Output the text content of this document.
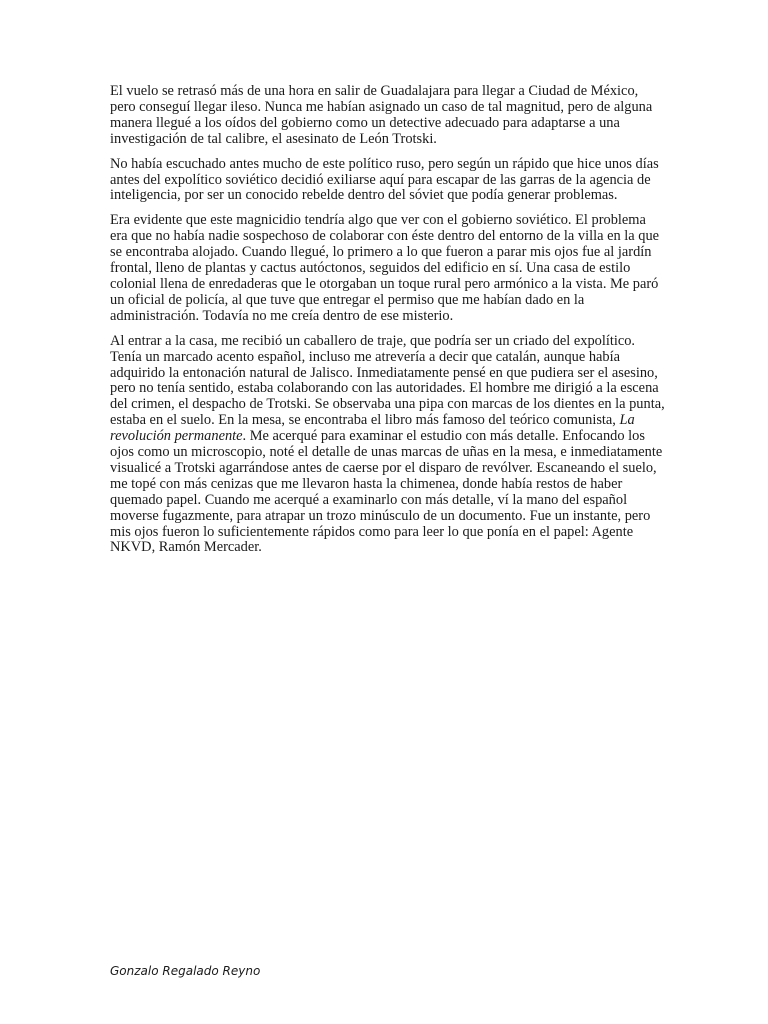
El vuelo se retrasó más de una hora en salir de Guadalajara para llegar a Ciudad de México, pero conseguí llegar ileso. Nunca me habían asignado un caso de tal magnitud, pero de alguna manera llegué a los oídos del gobierno como un detective adecuado para adaptarse a una investigación de tal calibre, el asesinato de León Trotski.

No había escuchado antes mucho de este político ruso, pero según un rápido que hice unos días antes del expolítico soviético decidió exiliarse aquí para escapar de las garras de la agencia de inteligencia, por ser un conocido rebelde dentro del sóviet que podía generar problemas.

Era evidente que este magnicidio tendría algo que ver con el gobierno soviético. El problema era que no había nadie sospechoso de colaborar con éste dentro del entorno de la villa en la que se encontraba alojado. Cuando llegué, lo primero a lo que fueron a parar mis ojos fue al jardín frontal, lleno de plantas y cactus autóctonos, seguidos del edificio en sí. Una casa de estilo colonial llena de enredaderas que le otorgaban un toque rural pero armónico a la vista. Me paró un oficial de policía, al que tuve que entregar el permiso que me habían dado en la administración. Todavía no me creía dentro de ese misterio.

Al entrar a la casa, me recibió un caballero de traje, que podría ser un criado del expolítico. Tenía un marcado acento español, incluso me atrevería a decir que catalán, aunque había adquirido la entonación natural de Jalisco. Inmediatamente pensé en que pudiera ser el asesino, pero no tenía sentido, estaba colaborando con las autoridades. El hombre me dirigió a la escena del crimen, el despacho de Trotski. Se observaba una pipa con marcas de los dientes en la punta, estaba en el suelo. En la mesa, se encontraba el libro más famoso del teórico comunista, La revolución permanente. Me acerqué para examinar el estudio con más detalle. Enfocando los ojos como un microscopio, noté el detalle de unas marcas de uñas en la mesa, e inmediatamente visualicé a Trotski agarrándose antes de caerse por el disparo de revólver. Escaneando el suelo, me topé con más cenizas que me llevaron hasta la chimenea, donde había restos de haber quemado papel. Cuando me acerqué a examinarlo con más detalle, ví la mano del español moverse fugazmente, para atrapar un trozo minúsculo de un documento. Fue un instante, pero mis ojos fueron lo suficientemente rápidos como para leer lo que ponía en el papel: Agente NKVD, Ramón Mercader.

Gonzalo Regalado Reyno
